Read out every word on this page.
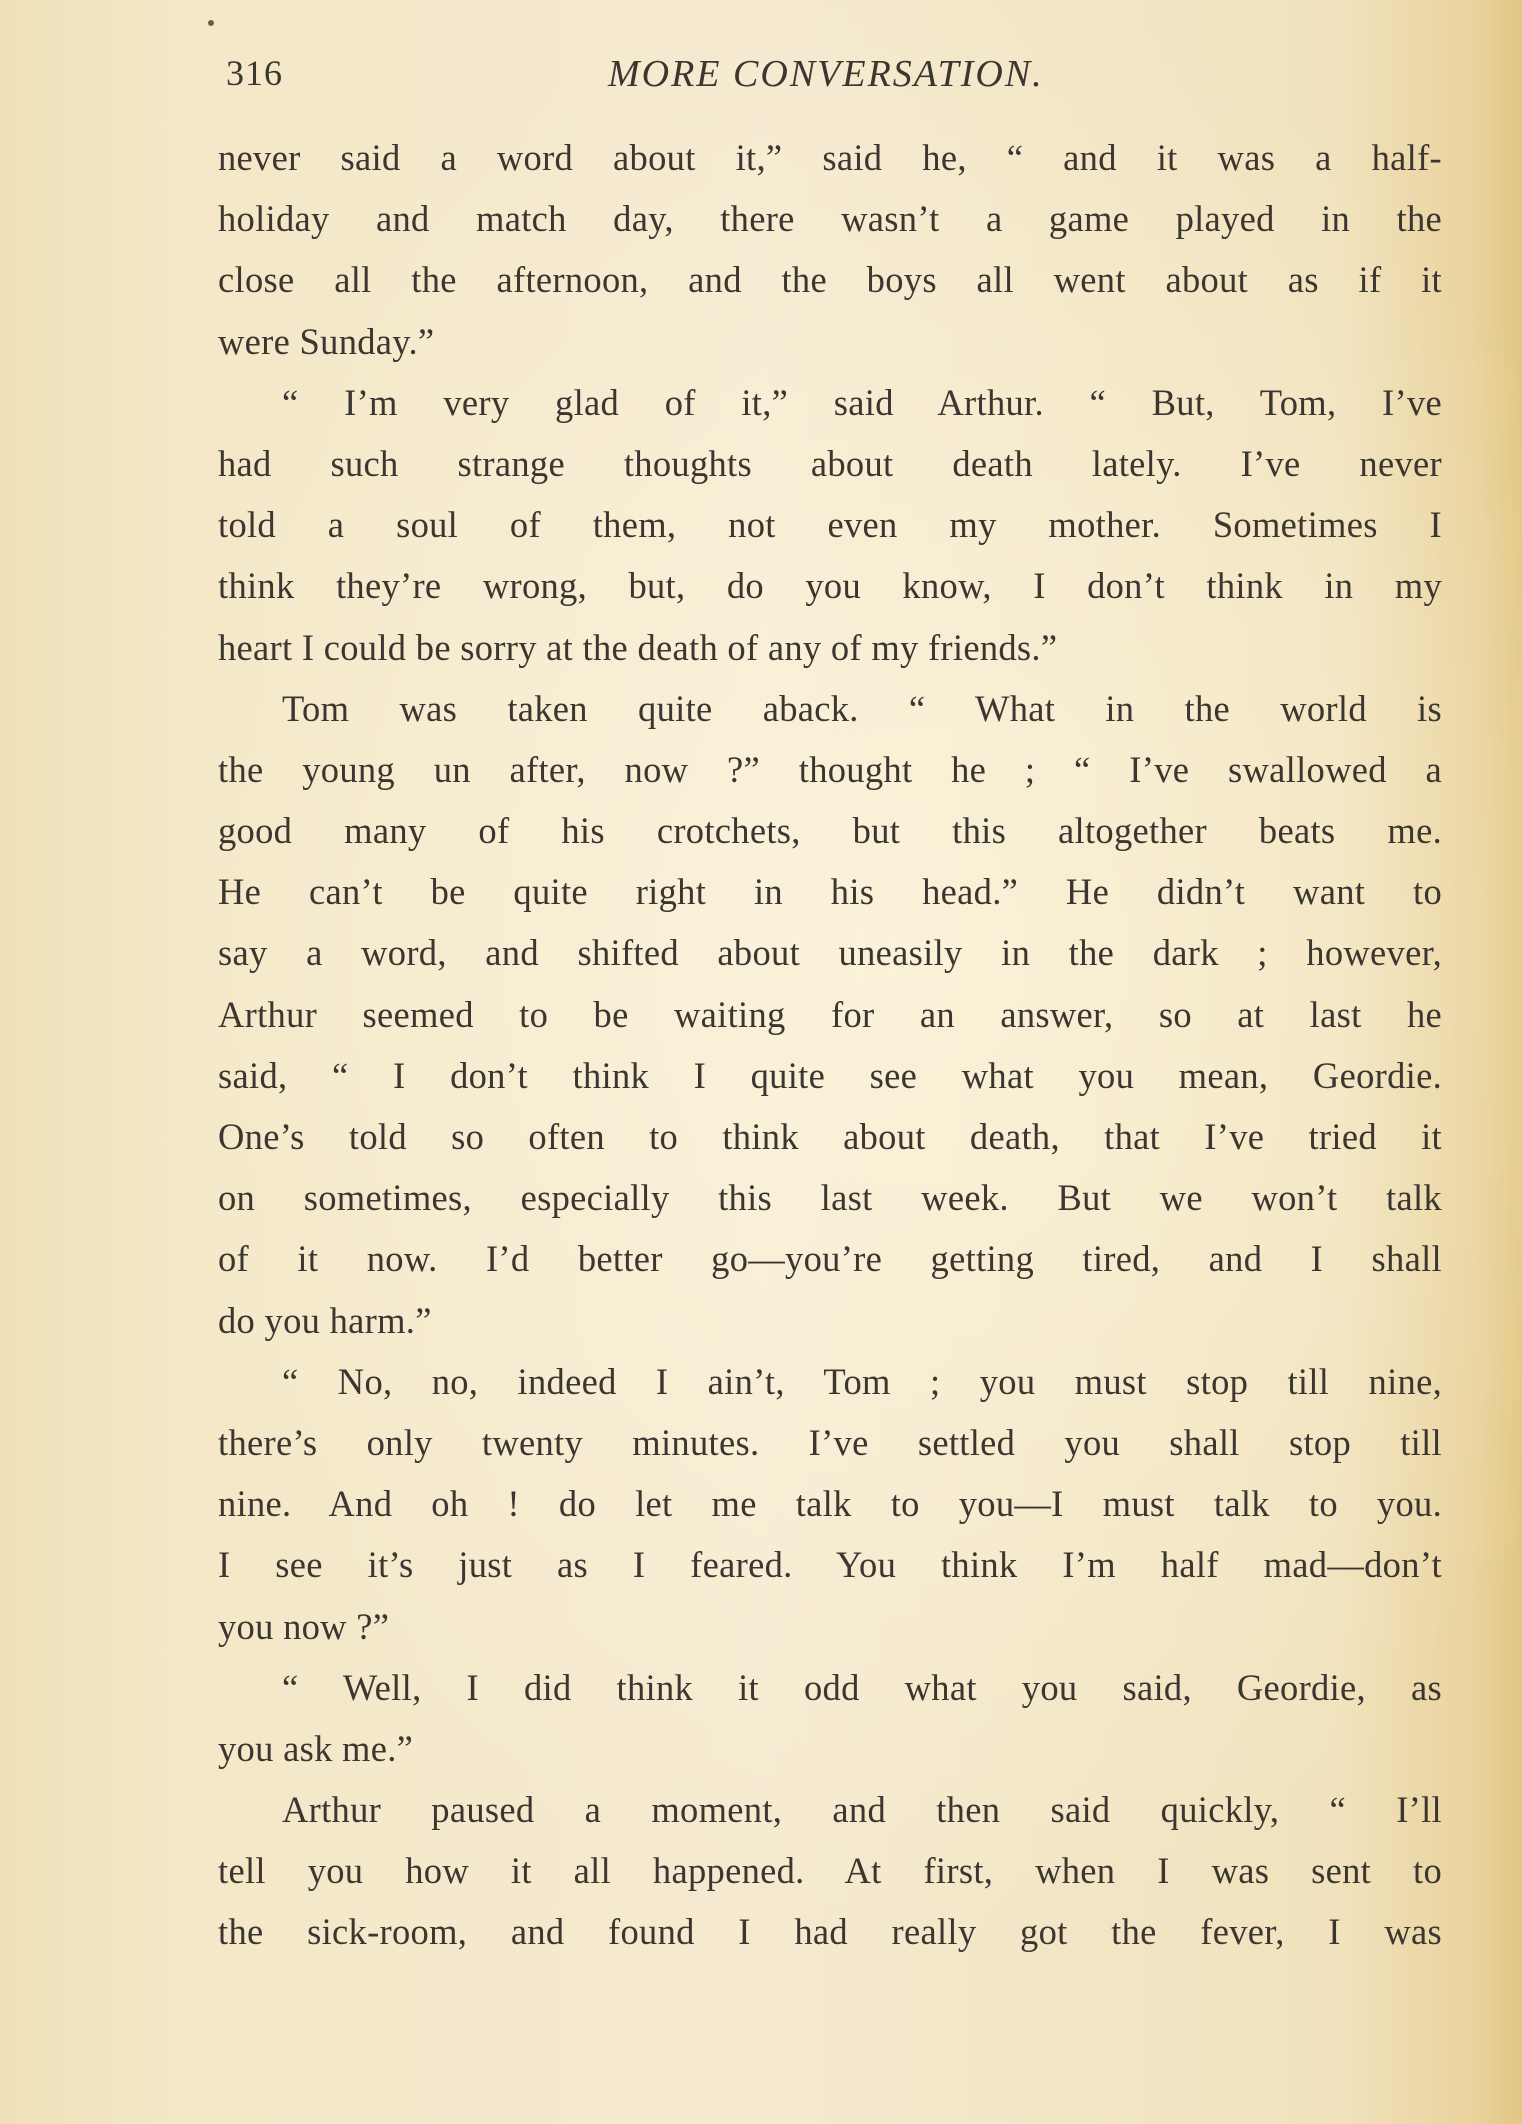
316	MORE CONVERSATION.
never said a word about it,” said he, “ and it was a half-
holiday and match day, there wasn’t a game played in the
close all the afternoon, and the boys all went about as if it
were Sunday.”
“ I’m very glad of it,” said Arthur. “ But, Tom, I’ve
had such strange thoughts about death lately. I’ve never
told a soul of them, not even my mother. Sometimes I
think they’re wrong, but, do you know, I don’t think in my
heart I could be sorry at the death of any of my friends.”
Tom was taken quite aback. “ What in the world is
the young un after, now ?” thought he ; “ I’ve swallowed a
good many of his crotchets, but this altogether beats me.
He can’t be quite right in his head.” He didn’t want to
say a word, and shifted about uneasily in the dark ; however,
Arthur seemed to be waiting for an answer, so at last he
said, “ I don’t think I quite see what you mean, Geordie.
One’s told so often to think about death, that I’ve tried it
on sometimes, especially this last week. But we won’t talk
of it now. I’d better go—you’re getting tired, and I shall
do you harm.”
“ No, no, indeed I ain’t, Tom ; you must stop till nine,
there’s only twenty minutes. I’ve settled you shall stop till
nine. And oh ! do let me talk to you—I must talk to you.
I see it’s just as I feared. You think I’m half mad—don’t
you now ?”
“ Well, I did think it odd what you said, Geordie, as
you ask me.”
Arthur paused a moment, and then said quickly, “ I’ll
tell you how it all happened. At first, when I was sent to
the sick-room, and found I had really got the fever, I was
